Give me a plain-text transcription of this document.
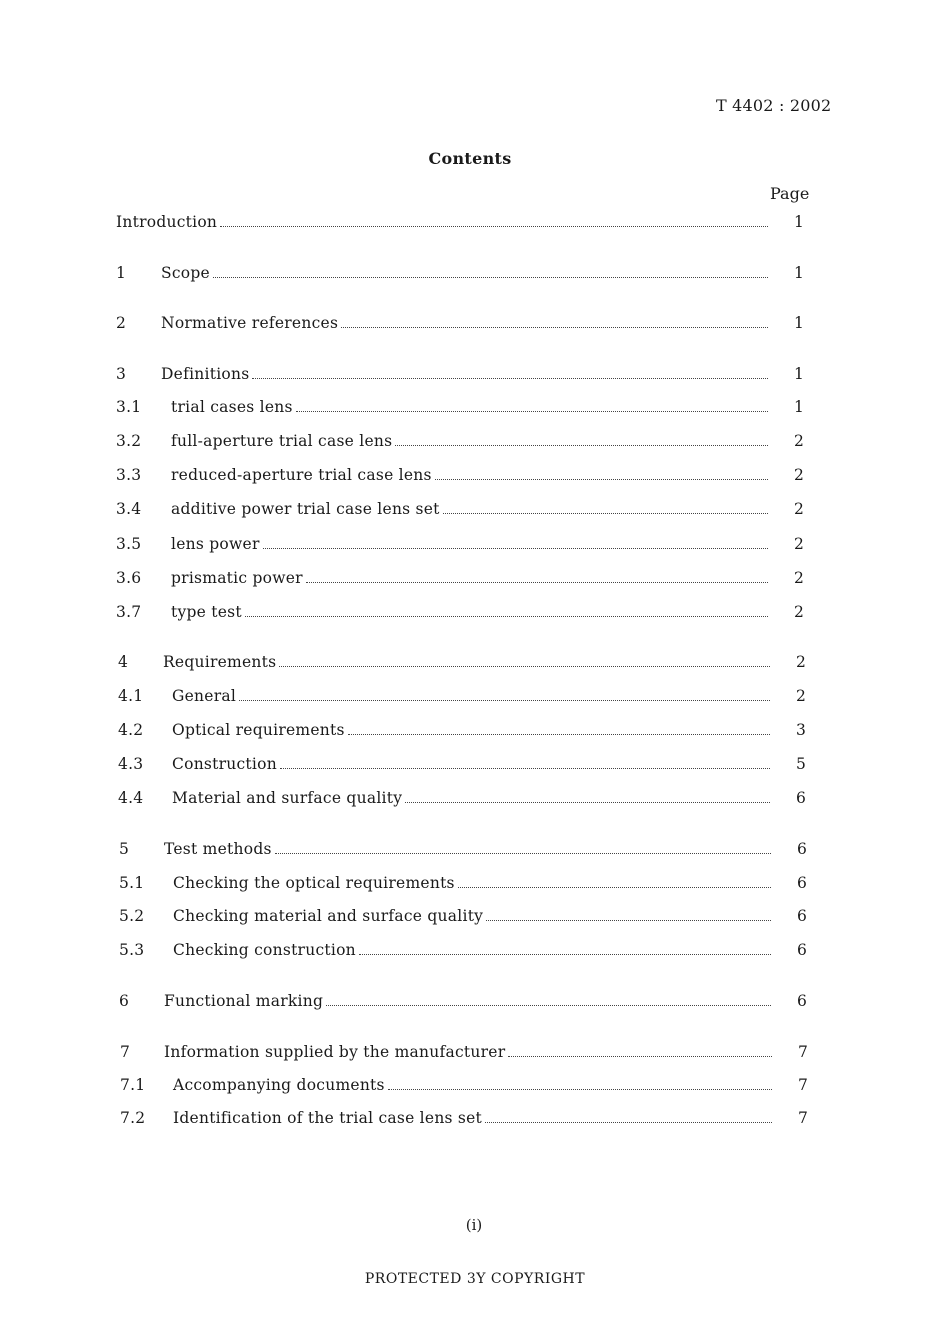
T 4402 : 2002
Contents
Page
Introduction	1
1	Scope	1
2	Normative references	1
3	Definitions	1
3.1	trial cases lens	1
3.2	full-aperture trial case lens	2
3.3	reduced-aperture trial case lens	2
3.4	additive power trial case lens set	2
3.5	lens power	2
3.6	prismatic power	2
3.7	type test	2
4	Requirements	2
4.1	General	2
4.2	Optical requirements	3
4.3	Construction	5
4.4	Material and surface quality	6
5	Test methods	6
5.1	Checking the optical requirements	6
5.2	Checking material and surface quality	6
5.3	Checking construction	6
6	Functional marking	6
7	Information supplied by the manufacturer	7
7.1	Accompanying documents	7
7.2	Identification of the trial case lens set	7
(i)
PROTECTED 3Y COPYRIGHT
